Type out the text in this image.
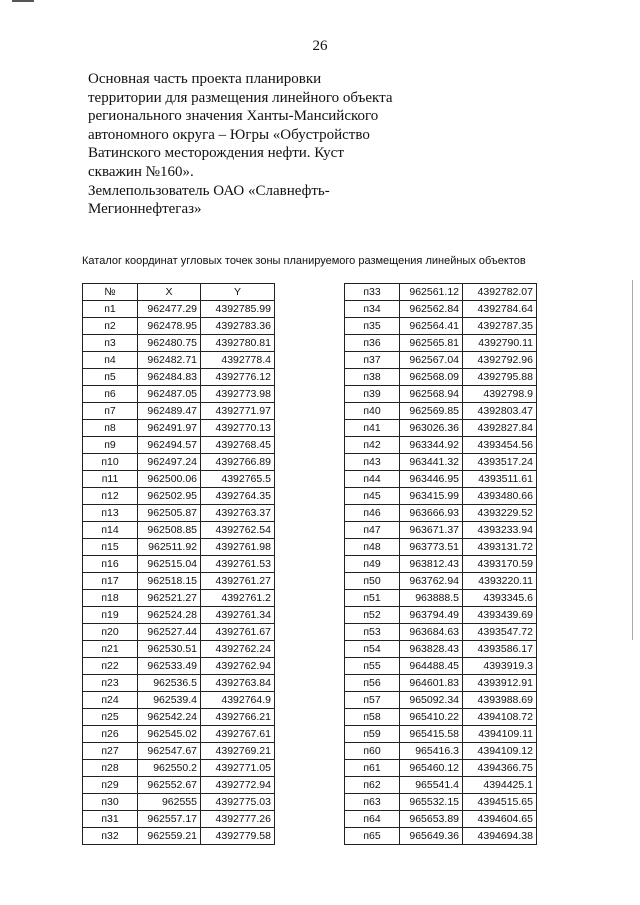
26
Основная часть проекта планировки
территории для размещения линейного объекта
регионального значения Ханты-Мансийского
автономного округа – Югры «Обустройство
Ватинского месторождения нефти. Куст
скважин №160».
Землепользователь ОАО «Славнефть-
Мегионнефтегаз»
Каталог координат угловых точек зоны планируемого размещения линейных объектов
№	X	Y
п1	962477.29	4392785.99
п2	962478.95	4392783.36
п3	962480.75	4392780.81
п4	962482.71	4392778.4
п5	962484.83	4392776.12
п6	962487.05	4392773.98
п7	962489.47	4392771.97
п8	962491.97	4392770.13
п9	962494.57	4392768.45
п10	962497.24	4392766.89
п11	962500.06	4392765.5
п12	962502.95	4392764.35
п13	962505.87	4392763.37
п14	962508.85	4392762.54
п15	962511.92	4392761.98
п16	962515.04	4392761.53
п17	962518.15	4392761.27
п18	962521.27	4392761.2
п19	962524.28	4392761.34
п20	962527.44	4392761.67
п21	962530.51	4392762.24
п22	962533.49	4392762.94
п23	962536.5	4392763.84
п24	962539.4	4392764.9
п25	962542.24	4392766.21
п26	962545.02	4392767.61
п27	962547.67	4392769.21
п28	962550.2	4392771.05
п29	962552.67	4392772.94
п30	962555	4392775.03
п31	962557.17	4392777.26
п32	962559.21	4392779.58
п33	962561.12	4392782.07
п34	962562.84	4392784.64
п35	962564.41	4392787.35
п36	962565.81	4392790.11
п37	962567.04	4392792.96
п38	962568.09	4392795.88
п39	962568.94	4392798.9
п40	962569.85	4392803.47
п41	963026.36	4392827.84
п42	963344.92	4393454.56
п43	963441.32	4393517.24
п44	963446.95	4393511.61
п45	963415.99	4393480.66
п46	963666.93	4393229.52
п47	963671.37	4393233.94
п48	963773.51	4393131.72
п49	963812.43	4393170.59
п50	963762.94	4393220.11
п51	963888.5	4393345.6
п52	963794.49	4393439.69
п53	963684.63	4393547.72
п54	963828.43	4393586.17
п55	964488.45	4393919.3
п56	964601.83	4393912.91
п57	965092.34	4393988.69
п58	965410.22	4394108.72
п59	965415.58	4394109.11
п60	965416.3	4394109.12
п61	965460.12	4394366.75
п62	965541.4	4394425.1
п63	965532.15	4394515.65
п64	965653.89	4394604.65
п65	965649.36	4394694.38
